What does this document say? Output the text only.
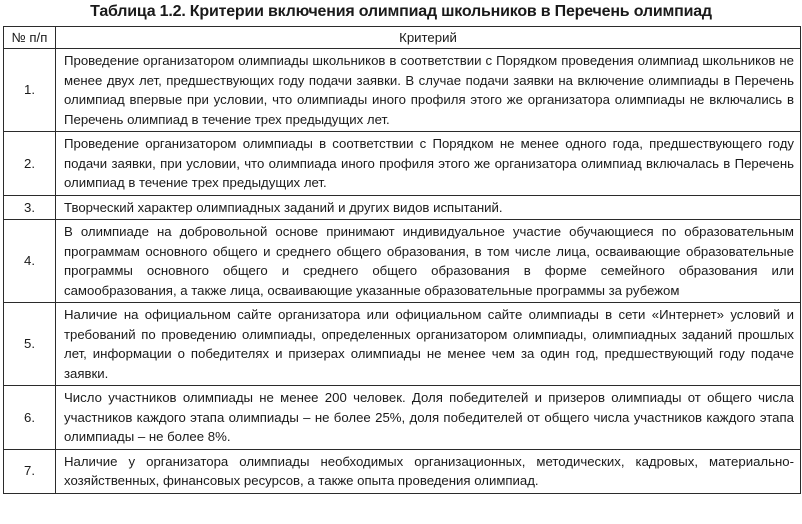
Таблица 1.2. Критерии включения олимпиад школьников в Перечень олимпиад
№ п/п	Критерий
1.	Проведение организатором олимпиады школьников в соответствии с Порядком проведения олимпиад школьников не менее двух лет, предшествующих году подачи заявки. В случае подачи заявки на включение олимпиады в Перечень олимпиад впервые при условии, что олимпиады иного профиля этого же организатора олимпиады не включались в Перечень олимпиад в течение трех предыдущих лет.
2.	Проведение организатором олимпиады в соответствии с Порядком не менее одного года, предшествующего году подачи заявки, при условии, что олимпиада иного профиля этого же организатора олимпиад включалась в Перечень олимпиад в течение трех предыдущих лет.
3.	Творческий характер олимпиадных заданий и других видов испытаний.
4.	В олимпиаде на добровольной основе принимают индивидуальное участие обучающиеся по образовательным программам основного общего и среднего общего образования, в том числе лица, осваивающие образовательные программы основного общего и среднего общего образования в форме семейного образования или самообразования, а также лица, осваивающие указанные образовательные программы за рубежом
5.	Наличие на официальном сайте организатора или официальном сайте олимпиады в сети «Интернет» условий и требований по проведению олимпиады, определенных организатором олимпиады, олимпиадных заданий прошлых лет, информации о победителях и призерах олимпиады не менее чем за один год, предшествующий году подаче заявки.
6.	Число участников олимпиады не менее 200 человек. Доля победителей и призеров олимпиады от общего числа участников каждого этапа олимпиады – не более 25%, доля победителей от общего числа участников каждого этапа олимпиады – не более 8%.
7.	Наличие у организатора олимпиады необходимых организационных, методических, кадровых, материально-хозяйственных, финансовых ресурсов, а также опыта проведения олимпиад.
